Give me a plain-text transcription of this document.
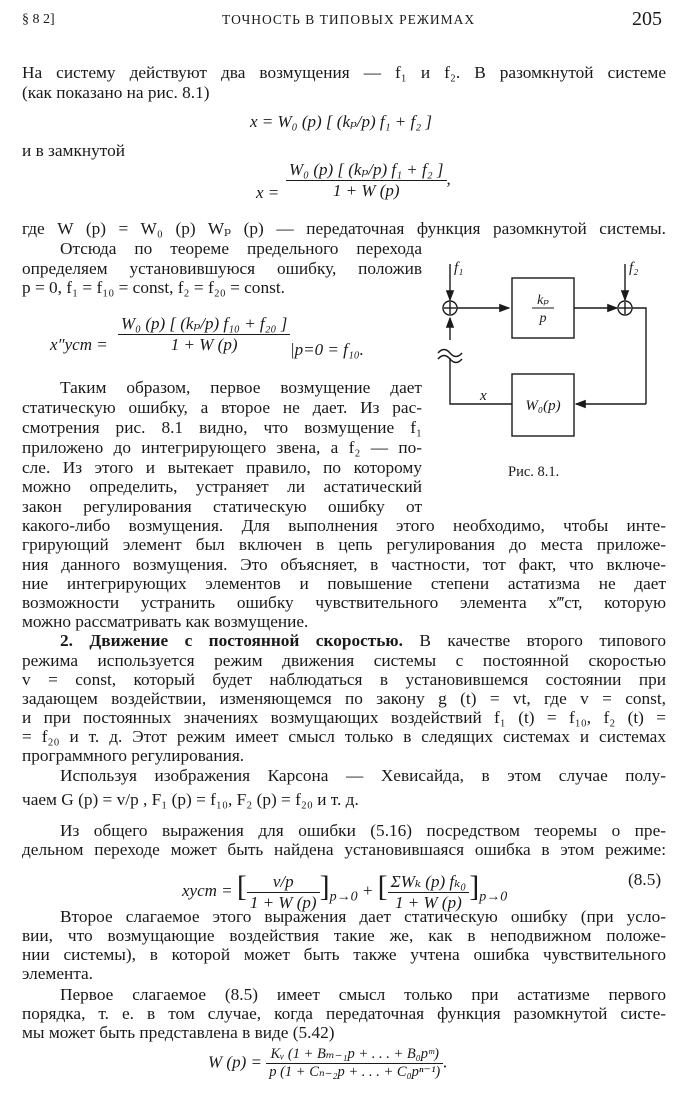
§ 8 2]	ТОЧНОСТЬ В ТИПОВЫХ РЕЖИМАХ	205
На систему действуют два возмущения — f₁ и f₂. В разомкнутой системе
(как показано на рис. 8.1)
x = W₀ (p) [ (kₚ/p) f₁ + f₂ ]
и в замкнутой
$x = \frac{\text{W₀ (p) [ (kₚ/p) f₁ + f₂ ]}}{1 + W (p)}$ ,
где W (p) = W₀ (p) Wₚ (p) — передаточная функция разомкнутой системы.
Отсюда по теореме предельного перехода
определяем установившуюся ошибку, положив
p = 0, f₁ = f₁₀ = const, f₂ = f₂₀ = const.
$x''уст = \frac{\text{W₀ (p) [ (kₚ/p) f₁₀ + f₂₀ ]}}{1 + W (p)} |p=0 = f_{10}$.
Таким образом, первое возмущение дает
статическую ошибку, а второе не дает. Из рас-
смотрения рис. 8.1 видно, что возмущение f₁
приложено до интегрирующего звена, а f₂ — по-
сле. Из этого и вытекает правило, по которому
можно определить, устраняет ли астатический
закон регулирования статическую ошибку от
какого-либо возмущения. Для выполнения этого необходимо, чтобы инте-
грирующий элемент был включен в цепь регулирования до места приложе-
ния данного возмущения. Это объясняет, в частности, тот факт, что включе-
ние интегрирующих элементов и повышение степени астатизма не дает
возможности устранить ошибку чувствительного элемента x‴ст, которую
можно рассматривать как возмущение.
f₁	f₂
kₚ
p
W₀(p)
x
Рис. 8.1.
2. Движение с постоянной скоростью. В качестве второго типового
режима используется режим движения системы с постоянной скоростью
v = const, который будет наблюдаться в установившемся состоянии при
задающем воздействии, изменяющемся по закону g (t) = vt, где v = const,
и при постоянных значениях возмущающих воздействий f₁ (t) = f₁₀, f₂ (t) =
= f₂₀ и т. д. Этот режим имеет смысл только в следящих системах и системах
программного регулирования.
Используя изображения Карсона — Хевисайда, в этом случае полу-
чаем G (p) = v/p , F₁ (p) = f₁₀, F₂ (p) = f₂₀ и т. д.
Из общего выражения для ошибки (5.16) посредством теоремы о пре-
дельном переходе может быть найдена установившаяся ошибка в этом режиме:
xуст = [ $\frac{v/p}{1 + W (p)} ]_{p\to 0}$ + [ $\frac{\text{ΣWₖ (p) fₖ₀}}{1 + W (p)} ]_{p\to 0}$
(8.5)
Второе слагаемое этого выражения дает статическую ошибку (при усло-
вии, что возмущающие воздействия такие же, как в неподвижном положе-
нии системы), в которой может быть также учтена ошибка чувствительного
элемента.
Первое слагаемое (8.5) имеет смысл только при астатизме первого
порядка, т. е. в том случае, когда передаточная функция разомкнутой систе-
мы может быть представлена в виде (5.42)
W $(p) = \frac{\text{Kᵥ (1 + Bₘ₋₁p + . . . + B₀pᵐ)}}{\text{p (1 + Cₙ₋₂p + . . . + C₀pⁿ⁻¹)}}$ .
